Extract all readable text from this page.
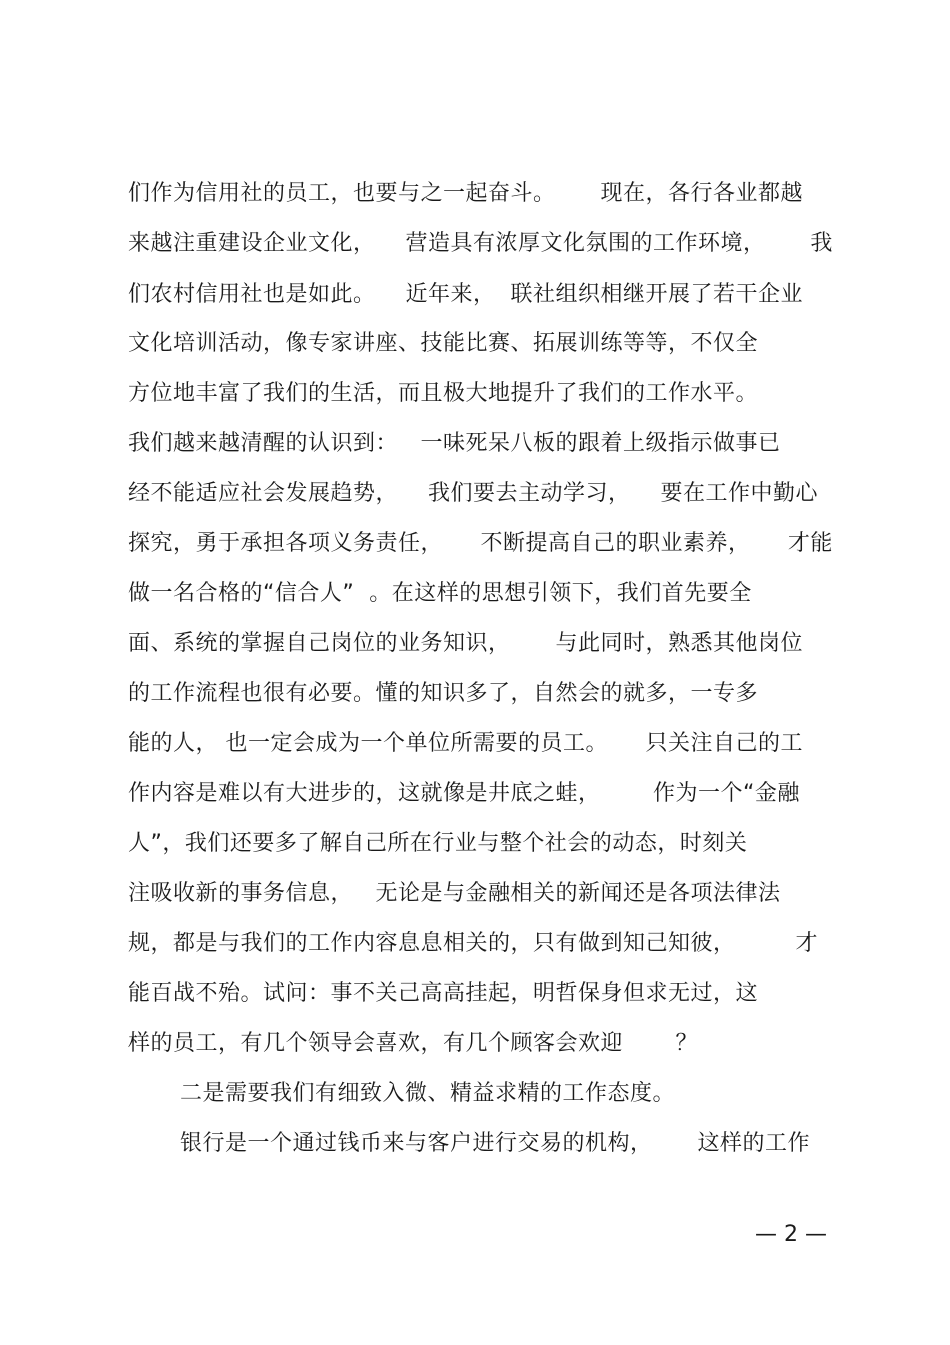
们作为信用社的员工，也要与之一起奋斗。      现在，各行各业都越
来越注重建设企业文化，    营造具有浓厚文化氛围的工作环境，      我
们农村信用社也是如此。    近年来，  联社组织相继开展了若干企业
文化培训活动，像专家讲座、技能比赛、拓展训练等等，不仅全
方位地丰富了我们的生活，而且极大地提升了我们的工作水平。
我们越来越清醒的认识到：   一味死呆八板的跟着上级指示做事已
经不能适应社会发展趋势，    我们要去主动学习，    要在工作中勤心
探究，勇于承担各项义务责任，     不断提高自己的职业素养，     才能
做一名合格的“信合人”  。在这样的思想引领下，我们首先要全
面、系统的掌握自己岗位的业务知识，      与此同时，熟悉其他岗位
的工作流程也很有必要。懂的知识多了，自然会的就多，一专多
能的人， 也一定会成为一个单位所需要的员工。     只关注自己的工
作内容是难以有大进步的，这就像是井底之蛙，       作为一个“金融
人”，我们还要多了解自己所在行业与整个社会的动态，时刻关
注吸收新的事务信息，   无论是与金融相关的新闻还是各项法律法
规，都是与我们的工作内容息息相关的，只有做到知己知彼，        才
能百战不殆。试问：事不关己高高挂起，明哲保身但求无过，这
样的员工，有几个领导会喜欢，有几个顾客会欢迎       ？
二是需要我们有细致入微、精益求精的工作态度。
银行是一个通过钱币来与客户进行交易的机构，      这样的工作
— 2 —
